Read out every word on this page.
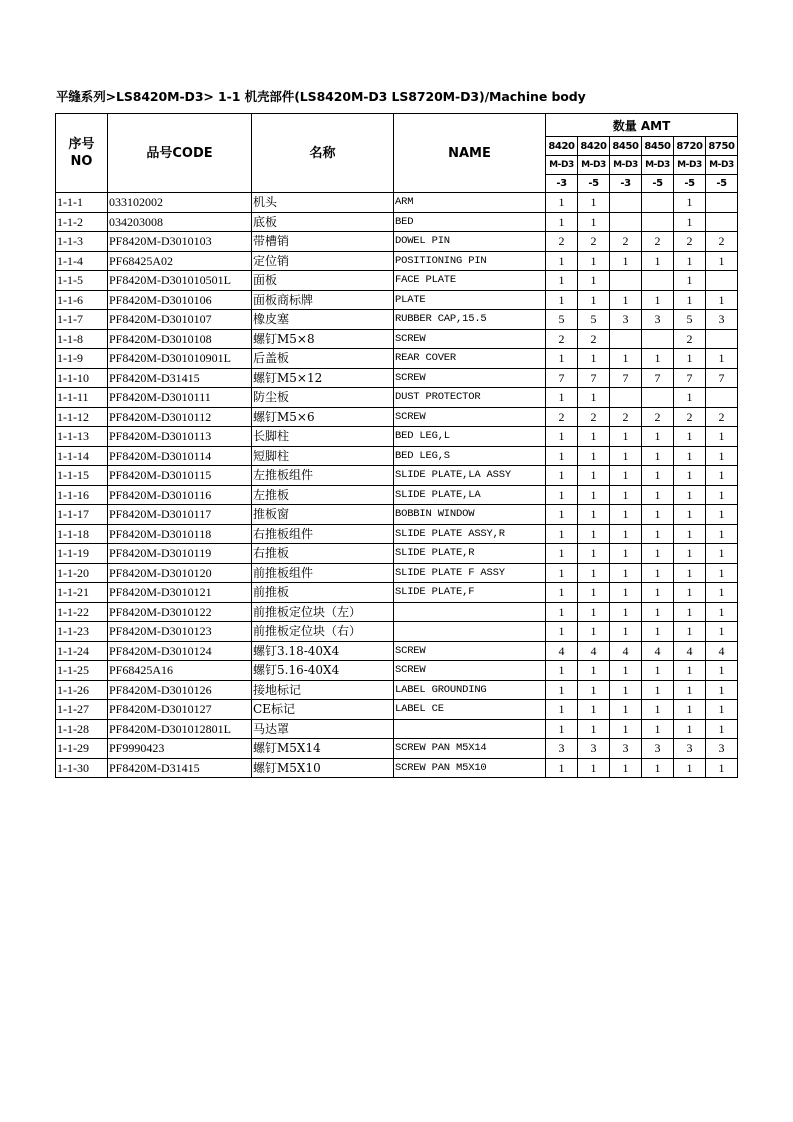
平缝系列>LS8420M-D3> 1-1 机壳部件(LS8420M-D3 LS8720M-D3)/Machine body
序号
NO	品号CODE	名称	NAME	数量 AMT					
				8420	8420	8450	8450	8720	8750
				M-D3	M-D3	M-D3	M-D3	M-D3	M-D3
				-3	-5	-3	-5	-5	-5
1-1-1	033102002	机头	ARM	1	1			1	
1-1-2	034203008	底板	BED	1	1			1	
1-1-3	PF8420M-D3010103	带槽销	DOWEL PIN	2	2	2	2	2	2
1-1-4	PF68425A02	定位销	POSITIONING PIN	1	1	1	1	1	1
1-1-5	PF8420M-D301010501L	面板	FACE PLATE	1	1			1	
1-1-6	PF8420M-D3010106	面板商标牌	PLATE	1	1	1	1	1	1
1-1-7	PF8420M-D3010107	橡皮塞	RUBBER CAP,15.5	5	5	3	3	5	3
1-1-8	PF8420M-D3010108	螺钉M5×8	SCREW	2	2			2	
1-1-9	PF8420M-D301010901L	后盖板	REAR COVER	1	1	1	1	1	1
1-1-10	PF8420M-D31415	螺钉M5×12	SCREW	7	7	7	7	7	7
1-1-11	PF8420M-D3010111	防尘板	DUST PROTECTOR	1	1			1	
1-1-12	PF8420M-D3010112	螺钉M5×6	SCREW	2	2	2	2	2	2
1-1-13	PF8420M-D3010113	长脚柱	BED LEG,L	1	1	1	1	1	1
1-1-14	PF8420M-D3010114	短脚柱	BED LEG,S	1	1	1	1	1	1
1-1-15	PF8420M-D3010115	左推板组件	SLIDE PLATE,LA ASSY	1	1	1	1	1	1
1-1-16	PF8420M-D3010116	左推板	SLIDE PLATE,LA	1	1	1	1	1	1
1-1-17	PF8420M-D3010117	推板窗	BOBBIN WINDOW	1	1	1	1	1	1
1-1-18	PF8420M-D3010118	右推板组件	SLIDE PLATE ASSY,R	1	1	1	1	1	1
1-1-19	PF8420M-D3010119	右推板	SLIDE PLATE,R	1	1	1	1	1	1
1-1-20	PF8420M-D3010120	前推板组件	SLIDE PLATE F ASSY	1	1	1	1	1	1
1-1-21	PF8420M-D3010121	前推板	SLIDE PLATE,F	1	1	1	1	1	1
1-1-22	PF8420M-D3010122	前推板定位块（左）		1	1	1	1	1	1
1-1-23	PF8420M-D3010123	前推板定位块（右）		1	1	1	1	1	1
1-1-24	PF8420M-D3010124	螺钉3.18-40X4	SCREW	4	4	4	4	4	4
1-1-25	PF68425A16	螺钉5.16-40X4	SCREW	1	1	1	1	1	1
1-1-26	PF8420M-D3010126	接地标记	LABEL GROUNDING	1	1	1	1	1	1
1-1-27	PF8420M-D3010127	CE标记	LABEL CE	1	1	1	1	1	1
1-1-28	PF8420M-D301012801L	马达罩		1	1	1	1	1	1
1-1-29	PF9990423	螺钉M5X14	SCREW PAN M5X14	3	3	3	3	3	3
1-1-30	PF8420M-D31415	螺钉M5X10	SCREW PAN M5X10	1	1	1	1	1	1
